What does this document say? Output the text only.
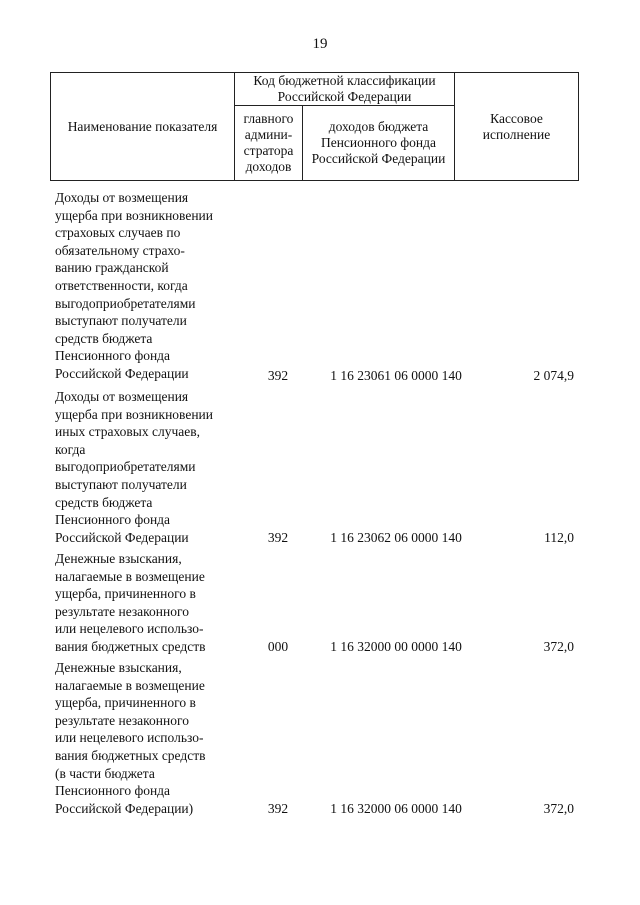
19
Наименование показателя	Код бюджетной классификации Российской Федерации		Кассовое исполнение
	главного админи-стратора доходов	доходов бюджета Пенсионного фонда Российской Федерации	
Доходы от возмещения
ущерба при возникновении
страховых случаев по
обязательному страхо-
ванию гражданской
ответственности, когда
выгодоприобретателями
выступают получатели
средств бюджета
Пенсионного фонда
Российской Федерации	392	1 16 23061 06 0000 140	2 074,9
Доходы от возмещения
ущерба при возникновении
иных страховых случаев,
когда
выгодоприобретателями
выступают получатели
средств бюджета
Пенсионного фонда
Российской Федерации	392	1 16 23062 06 0000 140	112,0
Денежные взыскания,
налагаемые в возмещение
ущерба, причиненного в
результате незаконного
или нецелевого использо-
вания бюджетных средств	000	1 16 32000 00 0000 140	372,0
Денежные взыскания,
налагаемые в возмещение
ущерба, причиненного в
результате незаконного
или нецелевого использо-
вания бюджетных средств
(в части бюджета
Пенсионного фонда
Российской Федерации)	392	1 16 32000 06 0000 140	372,0
